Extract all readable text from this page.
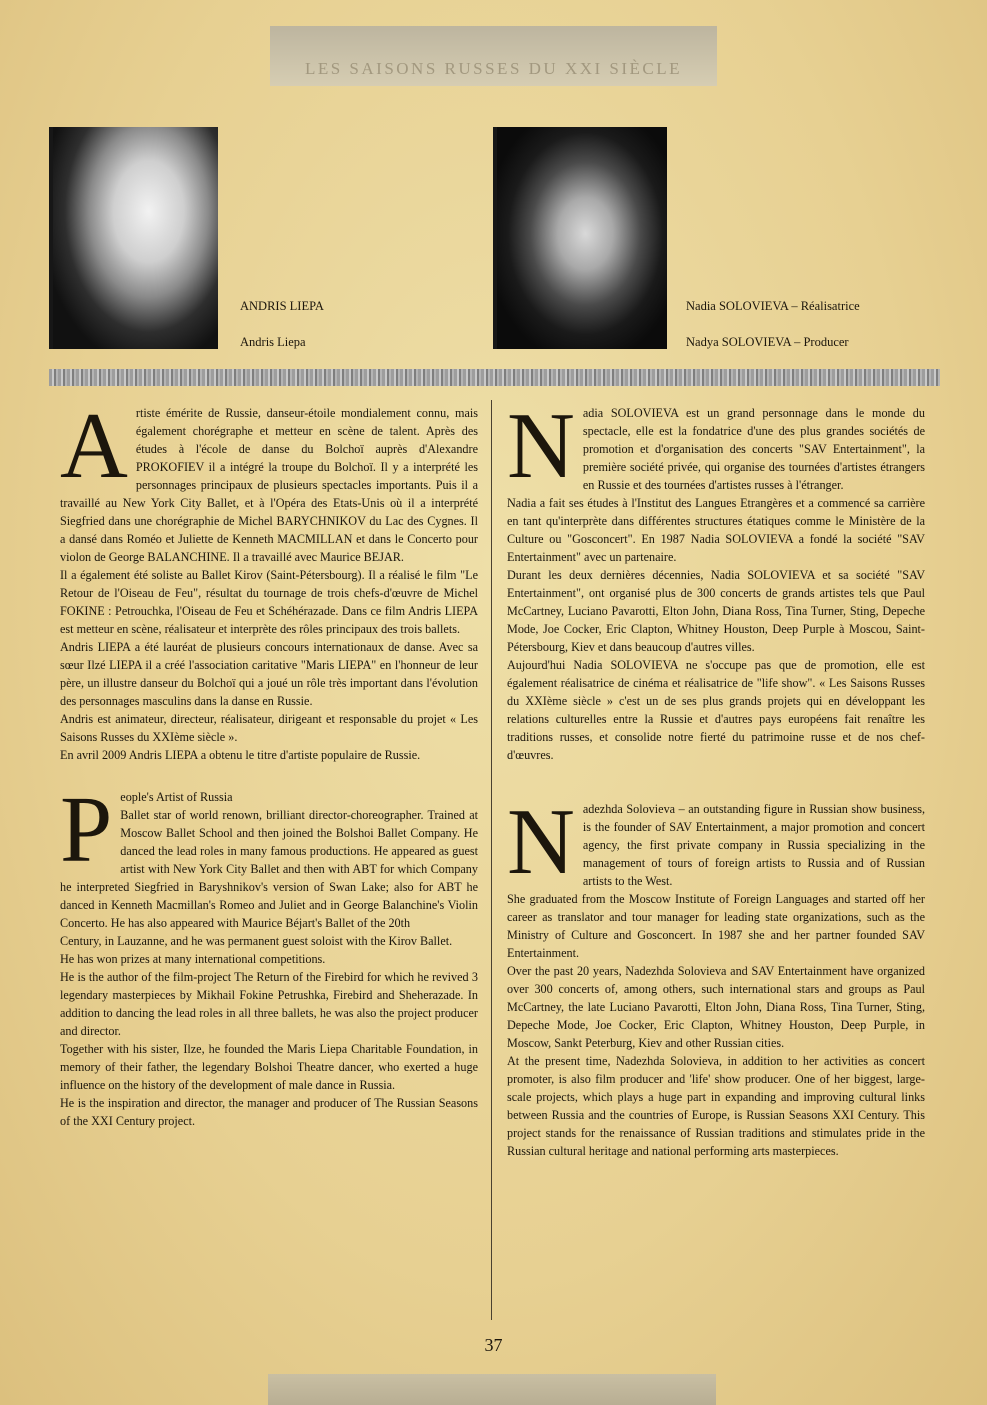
LES SAISONS RUSSES DU XXI SIÈCLE
ANDRIS LIEPA
Andris Liepa
Nadia SOLOVIEVA – Réalisatrice
Nadya SOLOVIEVA – Producer
A rtiste émérite de Russie, danseur-étoile mondialement connu, mais également chorégraphe et metteur en scène de talent. Après des études à l'école de danse du Bolchoï auprès d'Alexandre PROKOFIEV il a intégré la troupe du Bolchoï. Il y a interprété les personnages principaux de plusieurs spectacles importants. Puis il a travaillé au New York City Ballet, et à l'Opéra des Etats-Unis où il a interprété Siegfried dans une chorégraphie de Michel BARYCHNIKOV du Lac des Cygnes. Il a dansé dans Roméo et Juliette de Kenneth MACMILLAN et dans le Concerto pour violon de George BALANCHINE. Il a travaillé avec Maurice BEJAR.

Il a également été soliste au Ballet Kirov (Saint-Pétersbourg). Il a réalisé le film "Le Retour de l'Oiseau de Feu", résultat du tournage de trois chefs-d'œuvre de Michel FOKINE : Petrouchka, l'Oiseau de Feu et Schéhérazade. Dans ce film Andris LIEPA est metteur en scène, réalisateur et interprète des rôles principaux des trois ballets.

Andris LIEPA a été lauréat de plusieurs concours internationaux de danse. Avec sa sœur Ilzé LIEPA il a créé l'association caritative "Maris LIEPA" en l'honneur de leur père, un illustre danseur du Bolchoï qui a joué un rôle très important dans l'évolution des personnages masculins dans la danse en Russie.

Andris est animateur, directeur, réalisateur, dirigeant et responsable du projet « Les Saisons Russes du XXIème siècle ».

En avril 2009 Andris LIEPA a obtenu le titre d'artiste populaire de Russie.

P eople's Artist of Russia

Ballet star of world renown, brilliant director-choreographer. Trained at Moscow Ballet School and then joined the Bolshoi Ballet Company. He danced the lead roles in many famous productions. He appeared as guest artist with New York City Ballet and then with ABT for which Company he interpreted Siegfried in Baryshnikov's version of Swan Lake; also for ABT he danced in Kenneth Macmillan's Romeo and Juliet and in George Balanchine's Violin Concerto. He has also appeared with Maurice Béjart's Ballet of the 20th

Century, in Lauzanne, and he was permanent guest soloist with the Kirov Ballet.

He has won prizes at many international competitions.

He is the author of the film-project The Return of the Firebird for which he revived 3 legendary masterpieces by Mikhail Fokine Petrushka, Firebird and Sheherazade. In addition to dancing the lead roles in all three ballets, he was also the project producer and director.

Together with his sister, Ilze, he founded the Maris Liepa Charitable Foundation, in memory of their father, the legendary Bolshoi Theatre dancer, who exerted a huge influence on the history of the development of male dance in Russia.

He is the inspiration and director, the manager and producer of The Russian Seasons of the XXI Century project.

N adia SOLOVIEVA est un grand personnage dans le monde du spectacle, elle est la fondatrice d'une des plus grandes sociétés de promotion et d'organisation des concerts "SAV Entertainment", la première société privée, qui organise des tournées d'artistes étrangers en Russie et des tournées d'artistes russes à l'étranger.

Nadia a fait ses études à l'Institut des Langues Etrangères et a commencé sa carrière en tant qu'interprète dans différentes structures étatiques comme le Ministère de la Culture ou "Gosconcert". En 1987 Nadia SOLOVIEVA a fondé la société "SAV Entertainment" avec un partenaire.

Durant les deux dernières décennies, Nadia SOLOVIEVA et sa société "SAV Entertainment", ont organisé plus de 300 concerts de grands artistes tels que Paul McCartney, Luciano Pavarotti, Elton John, Diana Ross, Tina Turner, Sting, Depeche Mode, Joe Cocker, Eric Clapton, Whitney Houston, Deep Purple à Moscou, Saint-Pétersbourg, Kiev et dans beaucoup d'autres villes.

Aujourd'hui Nadia SOLOVIEVA ne s'occupe pas que de promotion, elle est également réalisatrice de cinéma et réalisatrice de "life show". « Les Saisons Russes du XXIème siècle » c'est un de ses plus grands projets qui en développant les relations culturelles entre la Russie et d'autres pays européens fait renaître les traditions russes, et consolide notre fierté du patrimoine russe et de nos chef-d'œuvres.

N adezhda Solovieva – an outstanding figure in Russian show business, is the founder of SAV Entertainment, a major promotion and concert agency, the first private company in Russia specializing in the management of tours of foreign artists to Russia and of Russian artists to the West.

She graduated from the Moscow Institute of Foreign Languages and started off her career as translator and tour manager for leading state organizations, such as the Ministry of Culture and Gosconcert. In 1987 she and her partner founded SAV Entertainment.

Over the past 20 years, Nadezhda Solovieva and SAV Entertainment have organized over 300 concerts of, among others, such international stars and groups as Paul McCartney, the late Luciano Pavarotti, Elton John, Diana Ross, Tina Turner, Sting, Depeche Mode, Joe Cocker, Eric Clapton, Whitney Houston, Deep Purple, in Moscow, Sankt Peterburg, Kiev and other Russian cities.

At the present time, Nadezhda Solovieva, in addition to her activities as concert promoter, is also film producer and 'life' show producer. One of her biggest, large-scale projects, which plays a huge part in expanding and improving cultural links between Russia and the countries of Europe, is Russian Seasons XXI Century. This project stands for the renaissance of Russian traditions and stimulates pride in the Russian cultural heritage and national performing arts masterpieces.

37
